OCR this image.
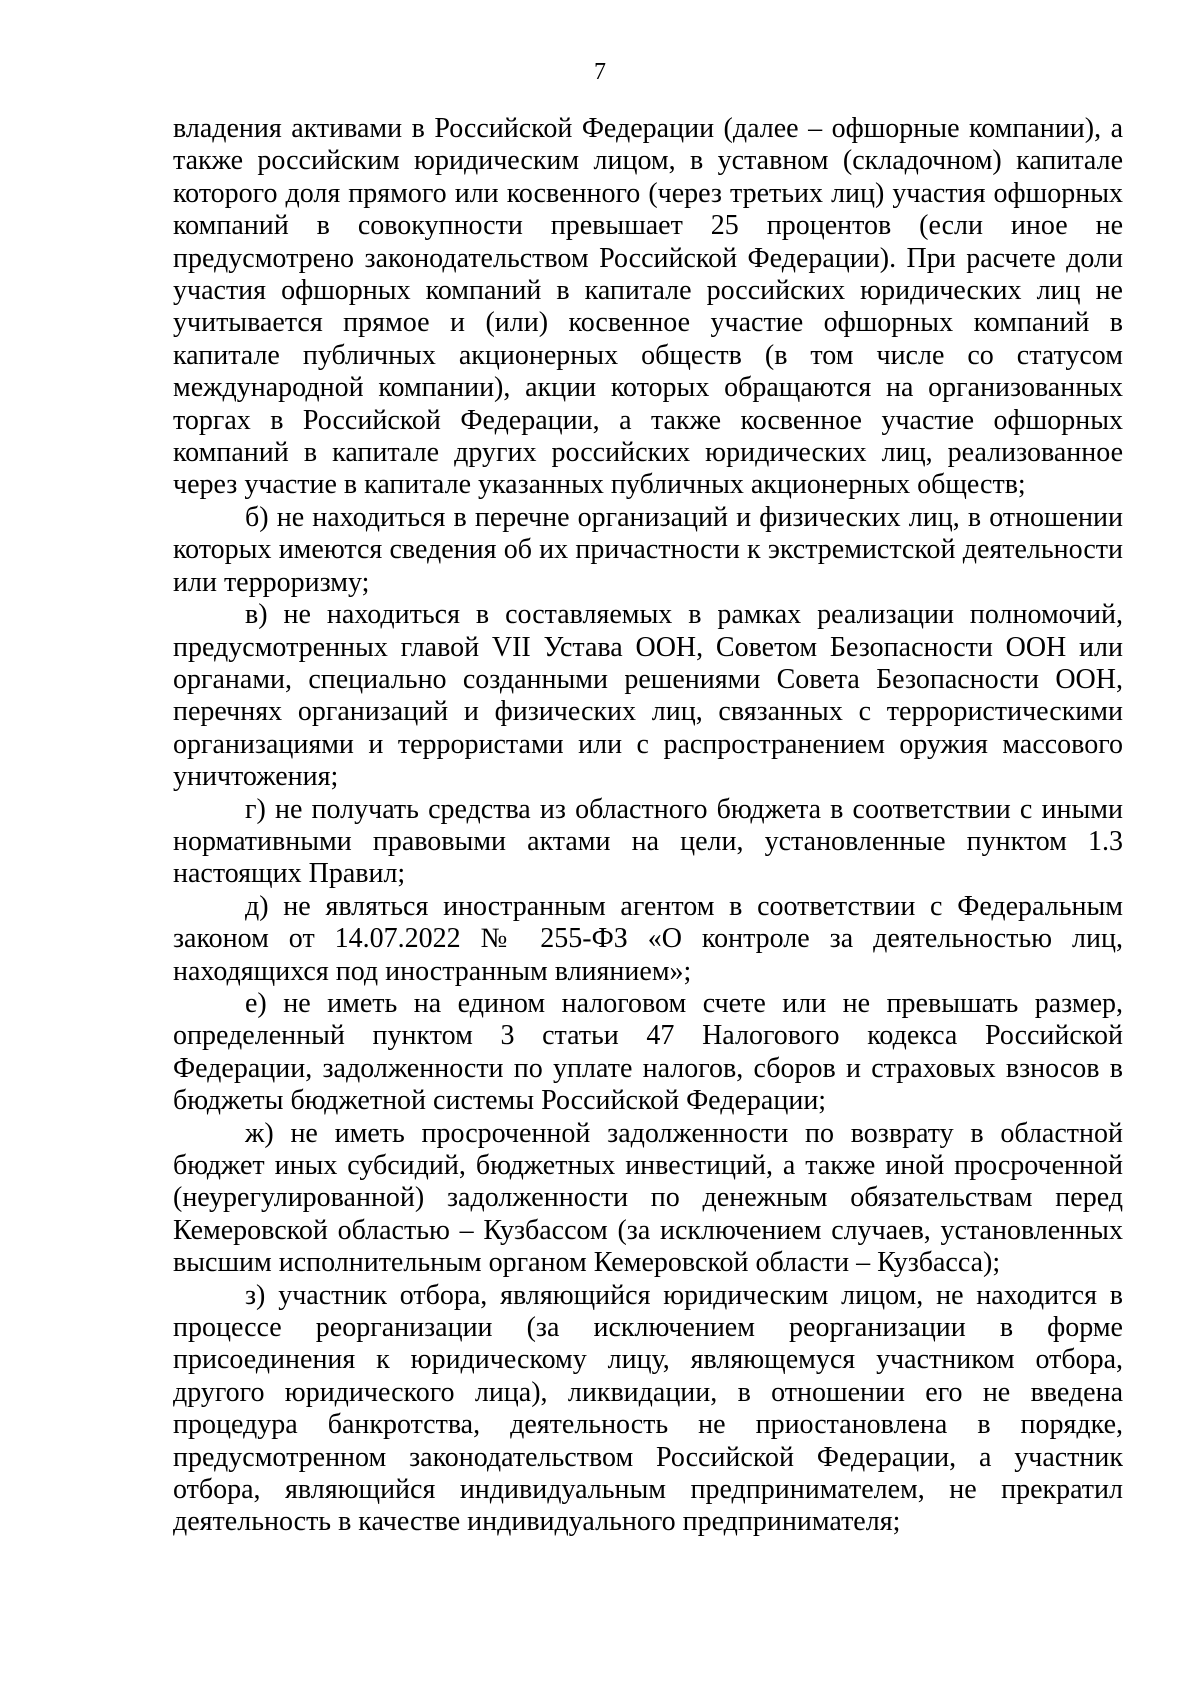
7

владения активами в Российской Федерации (далее – офшорные компании), а также российским юридическим лицом, в уставном (складочном) капитале которого доля прямого или косвенного (через третьих лиц) участия офшорных компаний в совокупности превышает 25 процентов (если иное не предусмотрено законодательством Российской Федерации). При расчете доли участия офшорных компаний в капитале российских юридических лиц не учитывается прямое и (или) косвенное участие офшорных компаний в капитале публичных акционерных обществ (в том числе со статусом международной компании), акции которых обращаются на организованных торгах в Российской Федерации, а также косвенное участие офшорных компаний в капитале других российских юридических лиц, реализованное через участие в капитале указанных публичных акционерных обществ;

б) не находиться в перечне организаций и физических лиц, в отношении которых имеются сведения об их причастности к экстремистской деятельности или терроризму;

в) не находиться в составляемых в рамках реализации полномочий, предусмотренных главой VII Устава ООН, Советом Безопасности ООН или органами, специально созданными решениями Совета Безопасности ООН, перечнях организаций и физических лиц, связанных с террористическими организациями и террористами или с распространением оружия массового уничтожения;

г) не получать средства из областного бюджета в соответствии с иными нормативными правовыми актами на цели, установленные пунктом 1.3 настоящих Правил;

д) не являться иностранным агентом в соответствии с Федеральным законом от 14.07.2022 № 255-ФЗ «О контроле за деятельностью лиц, находящихся под иностранным влиянием»;

е) не иметь на едином налоговом счете или не превышать размер, определенный пунктом 3 статьи 47 Налогового кодекса Российской Федерации, задолженности по уплате налогов, сборов и страховых взносов в бюджеты бюджетной системы Российской Федерации;

ж) не иметь просроченной задолженности по возврату в областной бюджет иных субсидий, бюджетных инвестиций, а также иной просроченной (неурегулированной) задолженности по денежным обязательствам перед Кемеровской областью – Кузбассом (за исключением случаев, установленных высшим исполнительным органом Кемеровской области – Кузбасса);

з) участник отбора, являющийся юридическим лицом, не находится в процессе реорганизации (за исключением реорганизации в форме присоединения к юридическому лицу, являющемуся участником отбора, другого юридического лица), ликвидации, в отношении его не введена процедура банкротства, деятельность не приостановлена в порядке, предусмотренном законодательством Российской Федерации, а участник отбора, являющийся индивидуальным предпринимателем, не прекратил деятельность в качестве индивидуального предпринимателя;
